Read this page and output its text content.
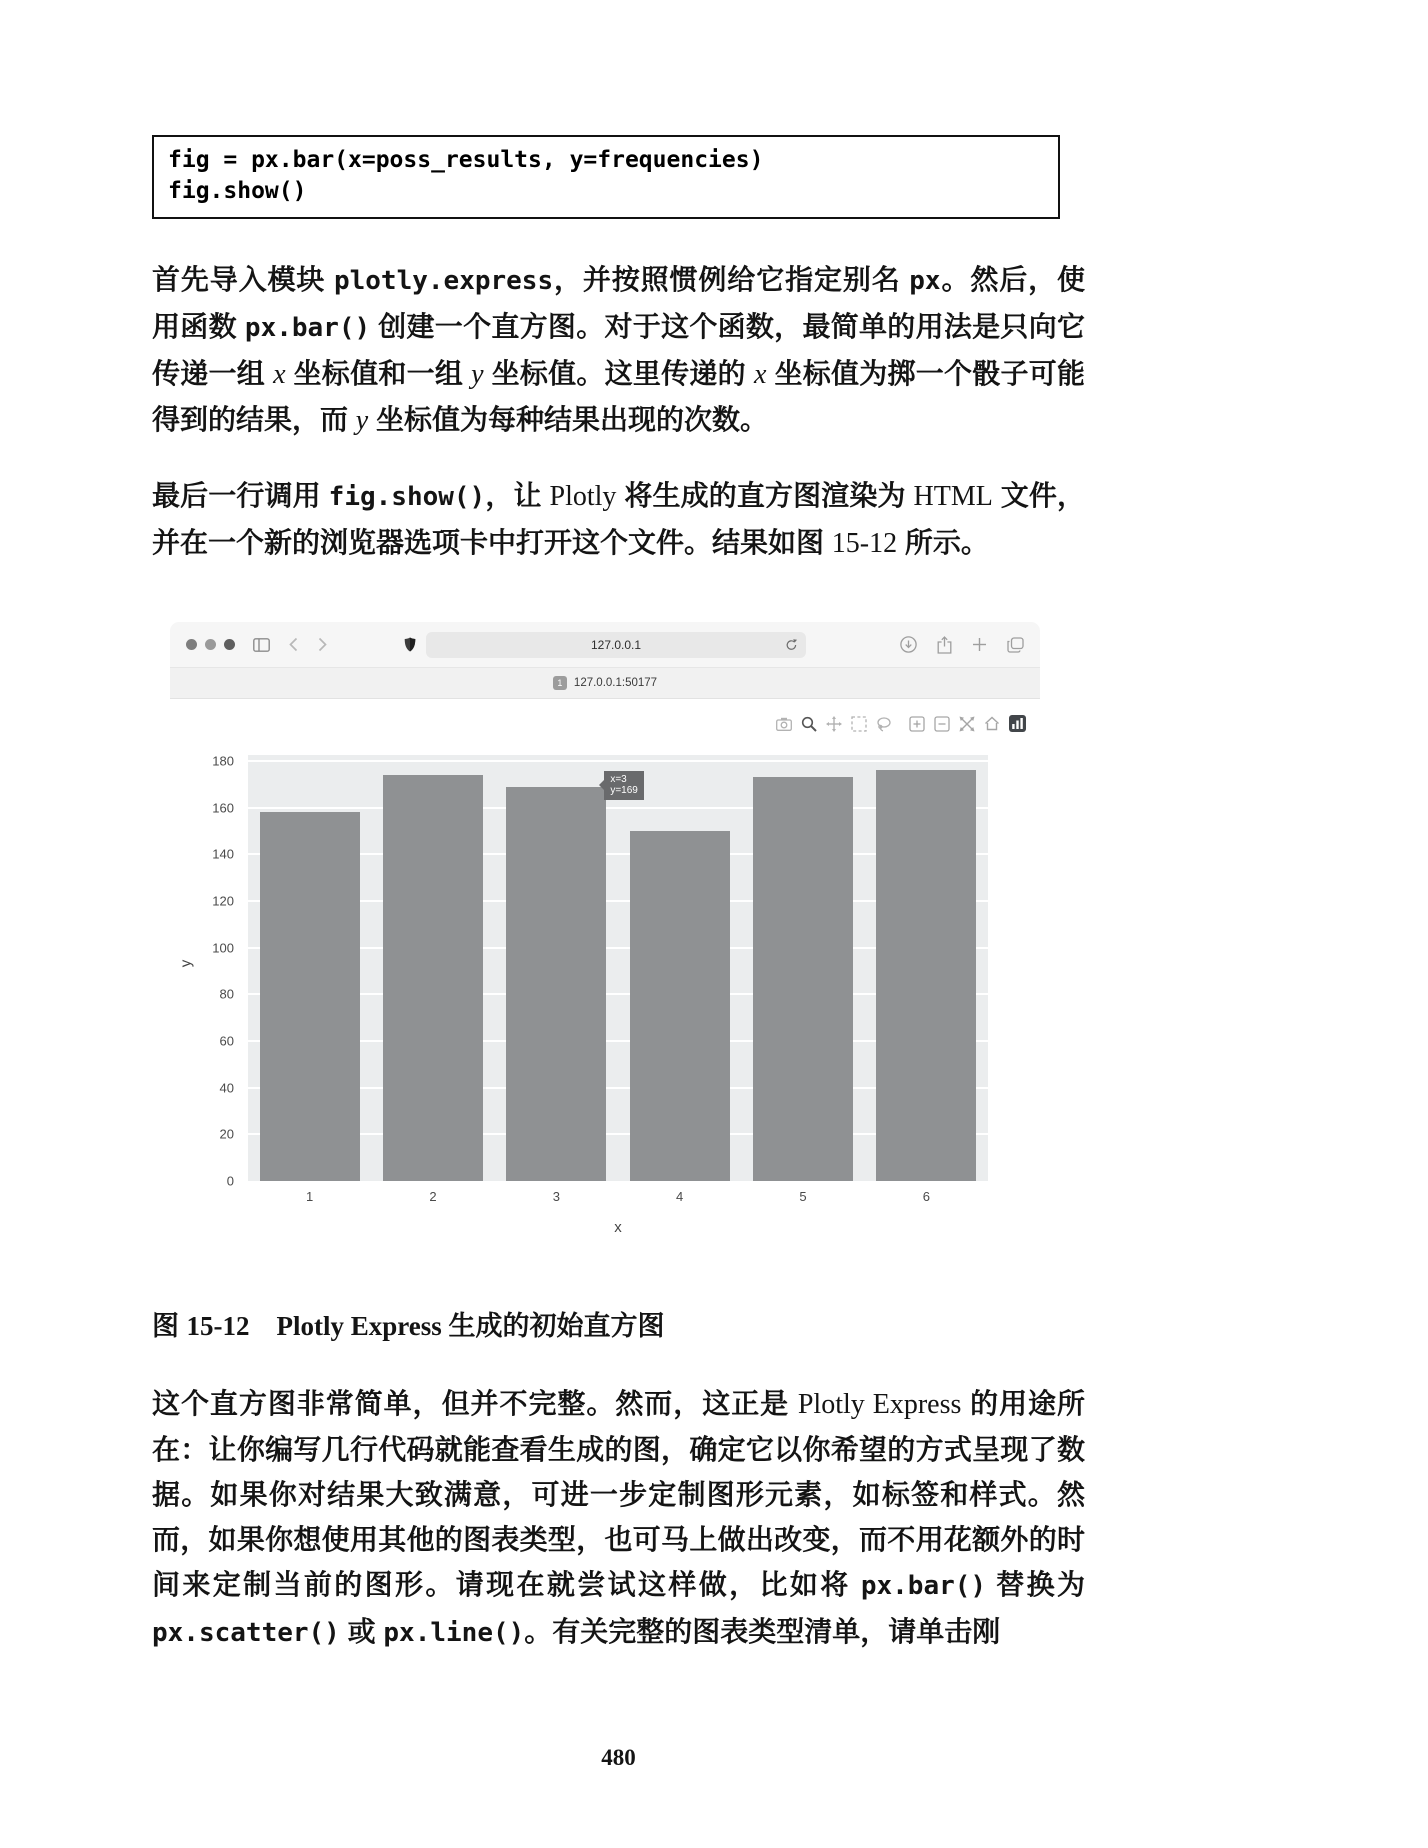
fig = px.bar(x=poss_results, y=frequencies)
fig.show()

首先导入模块 plotly.express，并按照惯例给它指定别名 px。然后，使用函数 px.bar() 创建一个直方图。对于这个函数，最简单的用法是只向它传递一组 x 坐标值和一组 y 坐标值。这里传递的 x 坐标值为掷一个骰子可能得到的结果，而 y 坐标值为每种结果出现的次数。

最后一行调用 fig.show()，让 Plotly 将生成的直方图渲染为 HTML 文件，并在一个新的浏览器选项卡中打开这个文件。结果如图 15-12 所示。

127.0.0.1
1	127.0.0.1:50177
y
0
20
40
60
80
100
120
140
160
180
x=3
y=169
1	2	3	4	5	6
x

图 15-12　 Plotly Express 生成的初始直方图

这个直方图非常简单，但并不完整。然而，这正是 Plotly Express 的用途所在：让你编写几行代码就能查看生成的图，确定它以你希望的方式呈现了数据。如果你对结果大致满意，可进一步定制图形元素，如标签和样式。然而，如果你想使用其他的图表类型，也可马上做出改变，而不用花额外的时间来定制当前的图形。请现在就尝试这样做，比如将 px.bar() 替换为 px.scatter() 或 px.line()。有关完整的图表类型清单，请单击刚

480
